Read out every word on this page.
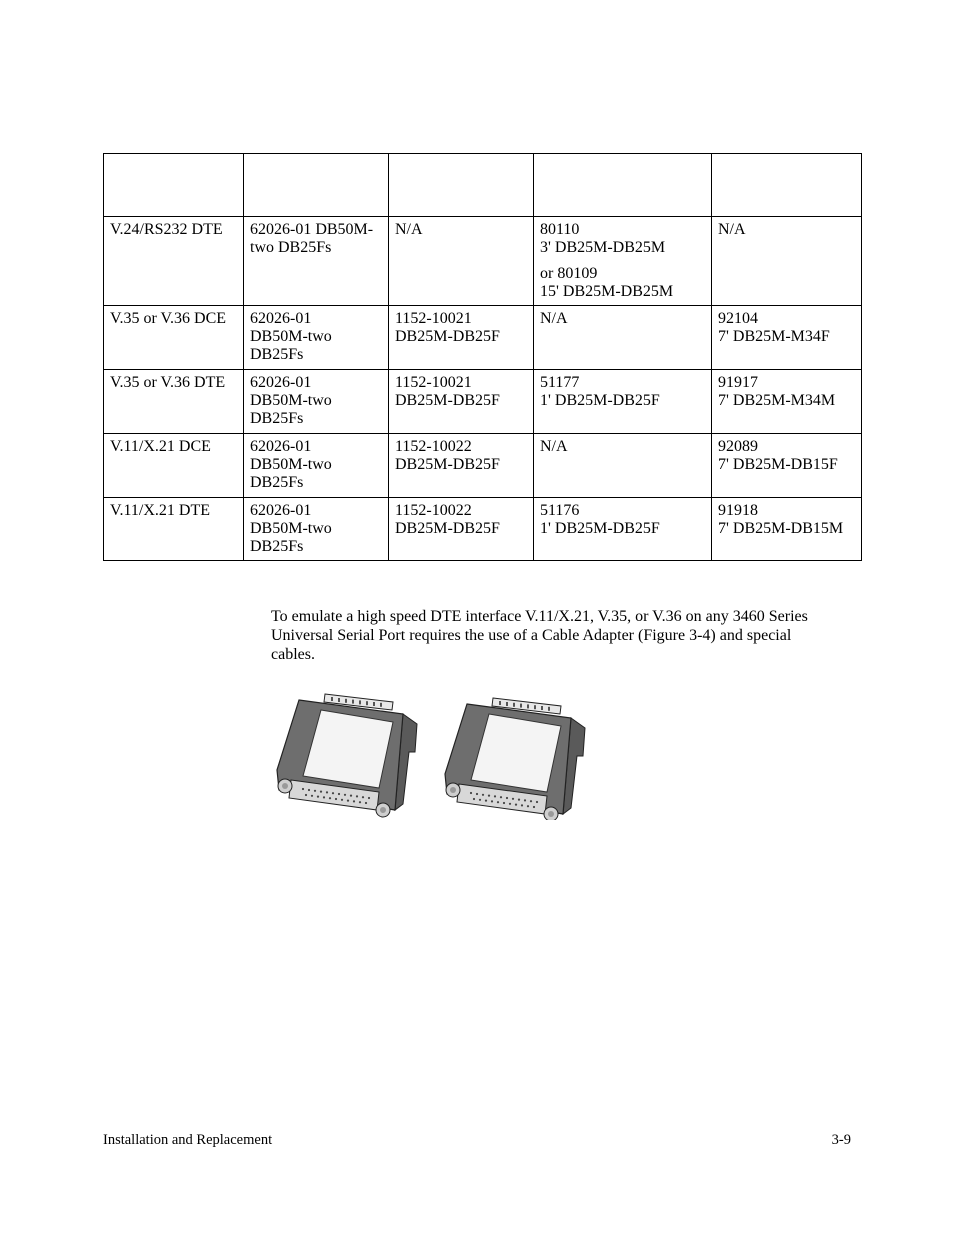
V.24/RS232 DTE	62026-01 DB50M-
two DB25Fs	N/A	80110
3' DB25M-DB25M
or 80109
15' DB25M-DB25M	N/A

V.35 or V.36 DCE	62026-01
DB50M-two
DB25Fs	1152-10021
DB25M-DB25F	N/A	92104
7' DB25M-M34F

V.35 or V.36 DTE	62026-01
DB50M-two
DB25Fs	1152-10021
DB25M-DB25F	51177
1' DB25M-DB25F	91917
7' DB25M-M34M

V.11/X.21 DCE	62026-01
DB50M-two
DB25Fs	1152-10022
DB25M-DB25F	N/A	92089
7' DB25M-DB15F

V.11/X.21 DTE	62026-01
DB50M-two
DB25Fs	1152-10022
DB25M-DB25F	51176
1' DB25M-DB25F	91918
7' DB25M-DB15M
To emulate a high speed DTE interface V.11/X.21, V.35, or V.36 on any 3460 Series
Universal Serial Port requires the use of a Cable Adapter (Figure 3-4) and special
cables.
Installation and Replacement	3-9
